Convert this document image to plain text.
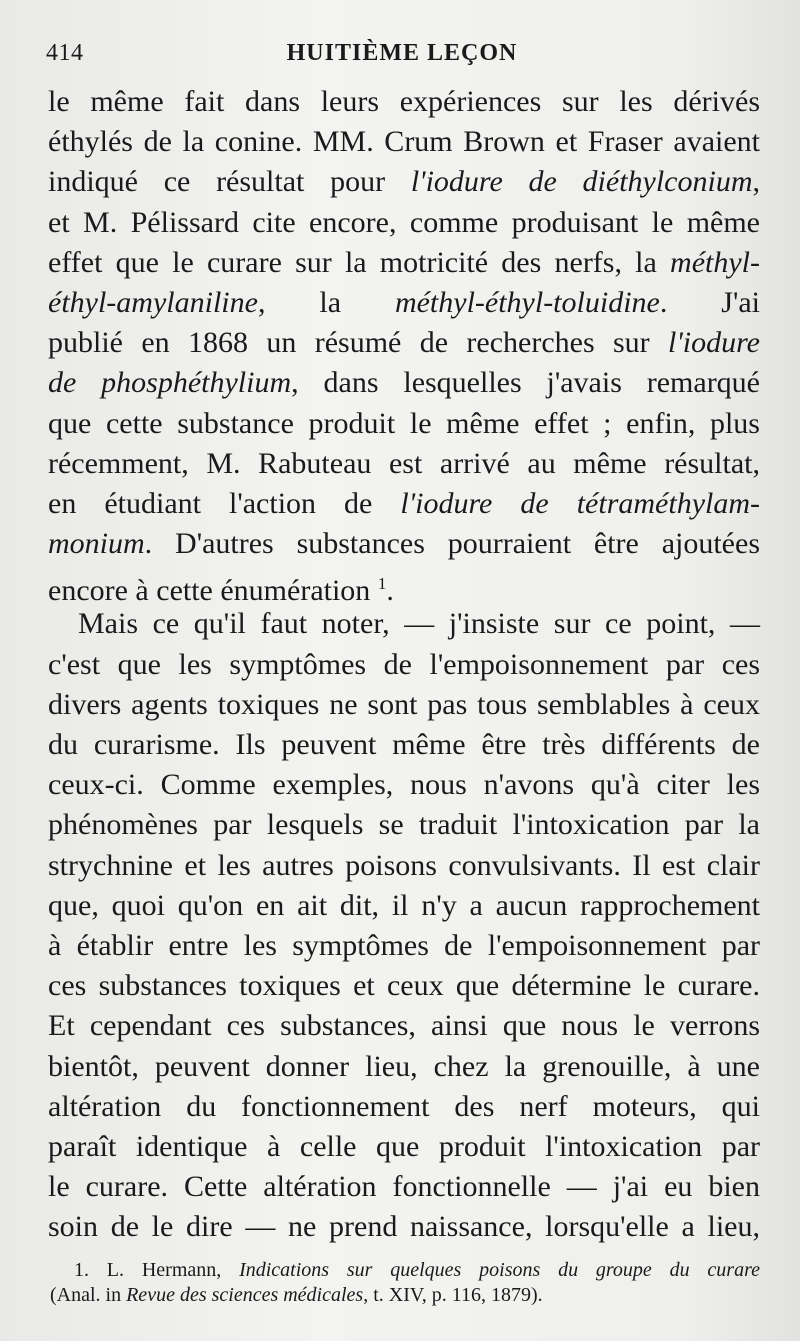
414	HUITIÈME LEÇON
le même fait dans leurs expériences sur les dérivés
éthylés de la conine. MM. Crum Brown et Fraser avaient
indiqué ce résultat pour l'iodure de diéthylconium,
et M. Pélissard cite encore, comme produisant le même
effet que le curare sur la motricité des nerfs, la méthyl-
éthyl-amylaniline, la méthyl-éthyl-toluidine. J'ai
publié en 1868 un résumé de recherches sur l'iodure
de phosphéthylium, dans lesquelles j'avais remarqué
que cette substance produit le même effet ; enfin, plus
récemment, M. Rabuteau est arrivé au même résultat,
en étudiant l'action de l'iodure de tétraméthylam-
monium. D'autres substances pourraient être ajoutées
encore à cette énumération $^1$.
Mais ce qu'il faut noter, — j'insiste sur ce point, —
c'est que les symptômes de l'empoisonnement par ces
divers agents toxiques ne sont pas tous semblables à ceux
du curarisme. Ils peuvent même être très différents de
ceux-ci. Comme exemples, nous n'avons qu'à citer les
phénomènes par lesquels se traduit l'intoxication par la
strychnine et les autres poisons convulsivants. Il est clair
que, quoi qu'on en ait dit, il n'y a aucun rapprochement
à établir entre les symptômes de l'empoisonnement par
ces substances toxiques et ceux que détermine le curare.
Et cependant ces substances, ainsi que nous le verrons
bientôt, peuvent donner lieu, chez la grenouille, à une
altération du fonctionnement des nerf moteurs, qui
paraît identique à celle que produit l'intoxication par
le curare. Cette altération fonctionnelle — j'ai eu bien
soin de le dire — ne prend naissance, lorsqu'elle a lieu,
1. L. Hermann, Indications sur quelques poisons du groupe du curare
(Anal. in Revue des sciences médicales, t. XIV, p. 116, 1879).
